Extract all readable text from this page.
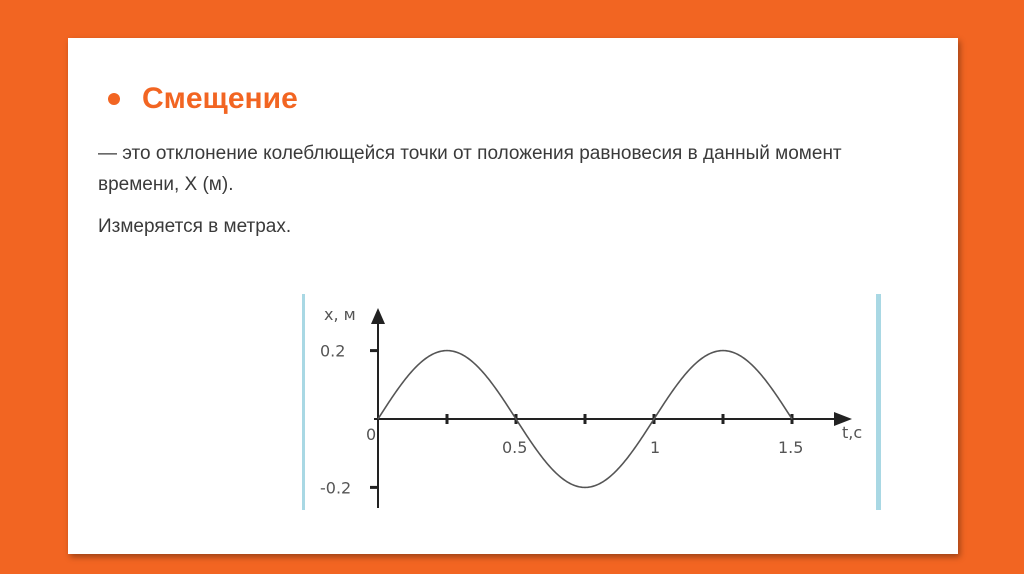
Смещение
— это отклонение колеблющейся точки от положения равновесия в данный момент времени, Х (м).
Измеряется в метрах.
0.2
-0.2
0.5	1	1.5
x, м
t,c
0
